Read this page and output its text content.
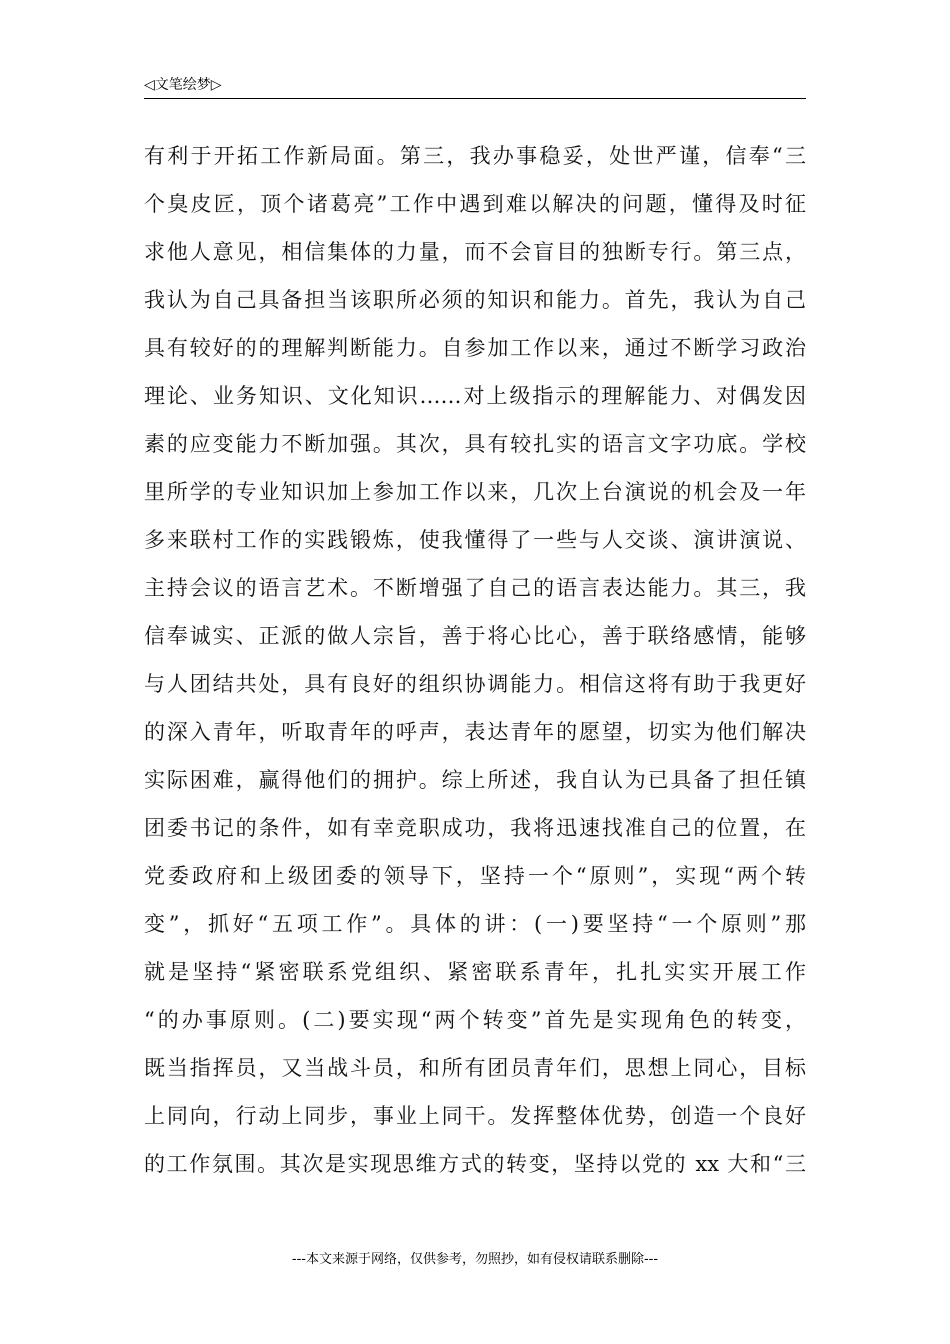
◁文笔绘梦▷
有利于开拓工作新局面。第三，我办事稳妥，处世严谨，信奉“三
个臭皮匠，顶个诸葛亮”工作中遇到难以解决的问题，懂得及时征
求他人意见，相信集体的力量，而不会盲目的独断专行。第三点，
我认为自己具备担当该职所必须的知识和能力。首先，我认为自己
具有较好的的理解判断能力。自参加工作以来，通过不断学习政治
理论、业务知识、文化知识……对上级指示的理解能力、对偶发因
素的应变能力不断加强。其次，具有较扎实的语言文字功底。学校
里所学的专业知识加上参加工作以来，几次上台演说的机会及一年
多来联村工作的实践锻炼，使我懂得了一些与人交谈、演讲演说、
主持会议的语言艺术。不断增强了自己的语言表达能力。其三，我
信奉诚实、正派的做人宗旨，善于将心比心，善于联络感情，能够
与人团结共处，具有良好的组织协调能力。相信这将有助于我更好
的深入青年，听取青年的呼声，表达青年的愿望，切实为他们解决
实际困难，赢得他们的拥护。综上所述，我自认为已具备了担任镇
团委书记的条件，如有幸竞职成功，我将迅速找准自己的位置，在
党委政府和上级团委的领导下，坚持一个“原则”，实现“两个转
变”，抓好“五项工作”。具体的讲：(一)要坚持“一个原则”那
就是坚持“紧密联系党组织、紧密联系青年，扎扎实实开展工作
“的办事原则。(二)要实现“两个转变”首先是实现角色的转变，
既当指挥员，又当战斗员，和所有团员青年们，思想上同心，目标
上同向，行动上同步，事业上同干。发挥整体优势，创造一个良好
的工作氛围。其次是实现思维方式的转变，坚持以党的 xx 大和“三
---本文来源于网络，仅供参考，勿照抄，如有侵权请联系删除---
